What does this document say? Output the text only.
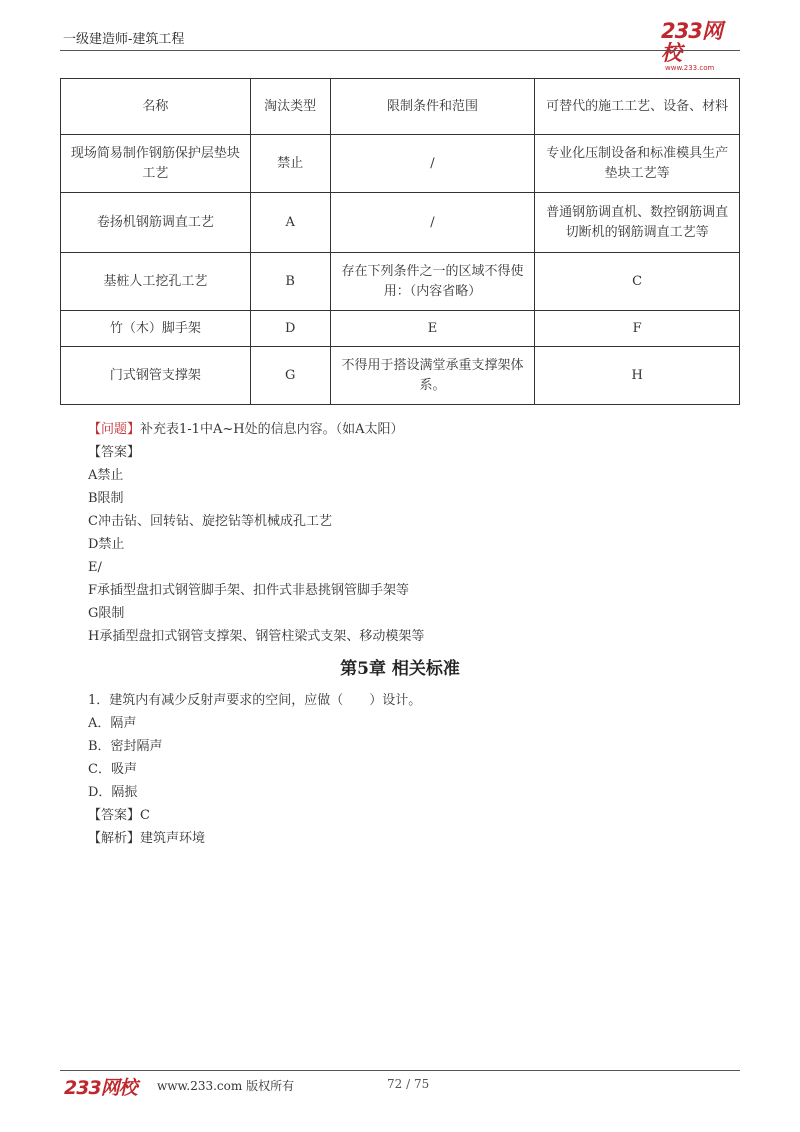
一级建造师-建筑工程	233网校
www.233.com
名称	淘汰类型	限制条件和范围	可替代的施工工艺、设备、材料
现场简易制作钢筋保护层垫块工艺	禁止	/	专业化压制设备和标准模具生产垫块工艺等
卷扬机钢筋调直工艺	A	/	普通钢筋调直机、数控钢筋调直切断机的钢筋调直工艺等
基桩人工挖孔工艺	B	存在下列条件之一的区域不得使用：（内容省略）	C
竹（木）脚手架	D	E	F
门式钢管支撑架	G	不得用于搭设满堂承重支撑架体系。	H
【问题】补充表1-1中A~H处的信息内容。（如A太阳）
【答案】
A禁止
B限制
C冲击钻、回转钻、旋挖钻等机械成孔工艺
D禁止
E/
F承插型盘扣式钢管脚手架、扣件式非悬挑钢管脚手架等
G限制
H承插型盘扣式钢管支撑架、钢管柱梁式支架、移动模架等
第5章 相关标准
1．建筑内有减少反射声要求的空间，应做（　　）设计。
A．隔声
B．密封隔声
C．吸声
D．隔振
【答案】C
【解析】建筑声环境
233网校 www.233.com 版权所有	72 / 75
